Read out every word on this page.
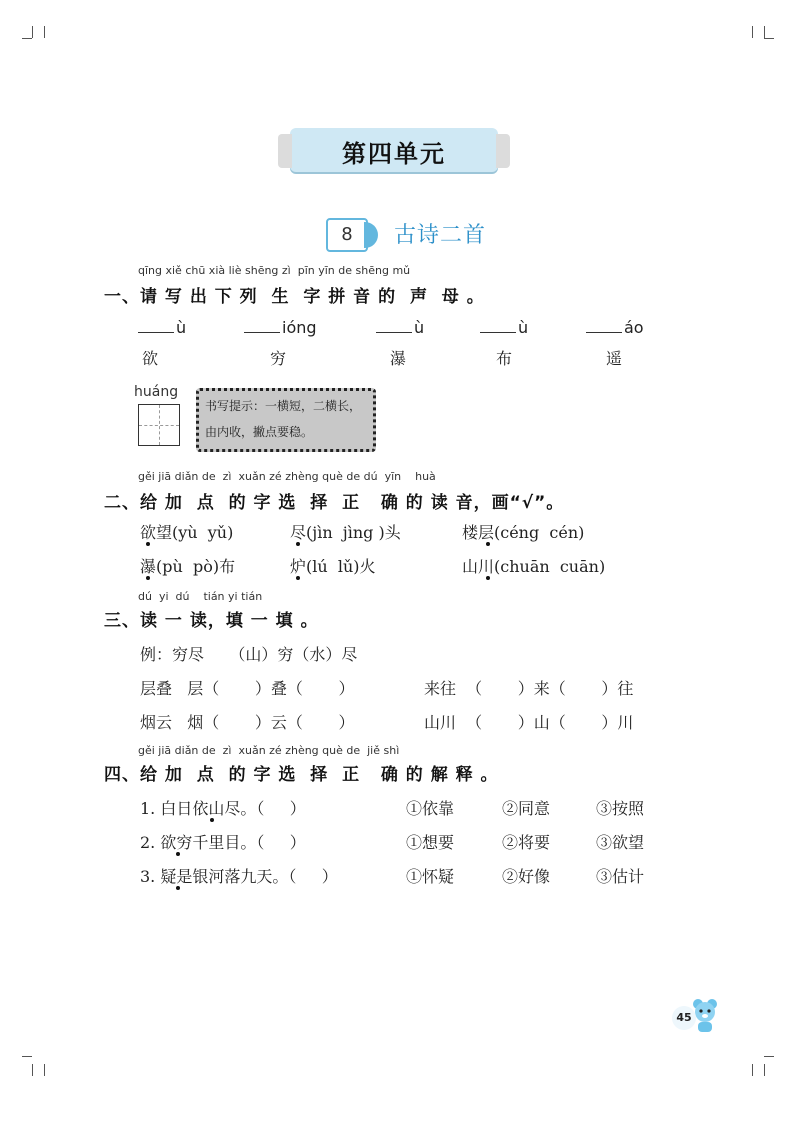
第四单元
8	古诗二首
qīng xiě chū xià liè shēng zì  pīn yīn de shēng mǔ
一、请 写 出 下 列  生  字 拼 音 的  声  母 。
ù	ióng	ù	ù	áo
欲	穷	瀑	布	遥
huáng
书写提示：一横短，二横长，
由内收，撇点要稳。
gěi jiā diǎn de  zì  xuǎn zé zhèng què de dú  yīn    huà
二、给 加  点  的 字 选  择  正   确 的 读 音，画“√”。
欲望(yù  yǔ)	尽(jìn  jìng )头	楼层(céng  cén)
瀑(pù  pò)布	炉(lú  lǔ)火	山川(chuān  cuān)
dú  yi  dú    tián yi tián
三、读 一 读，填 一 填 。
例：穷尽     （山）穷（水）尽
层叠   层（       ）叠（       ）	来往  （       ）来（       ）往
烟云   烟（       ）云（       ）	山川  （       ）山（       ）川
gěi jiā diǎn de  zì  xuǎn zé zhèng què de  jiě shì
四、给 加  点  的 字 选  择  正   确 的 解 释 。
1. 白日依山尽。（     ）	①依靠	②同意	③按照
2. 欲穷千里目。（     ）	①想要	②将要	③欲望
3. 疑是银河落九天。（     ）	①怀疑	②好像	③估计
45
